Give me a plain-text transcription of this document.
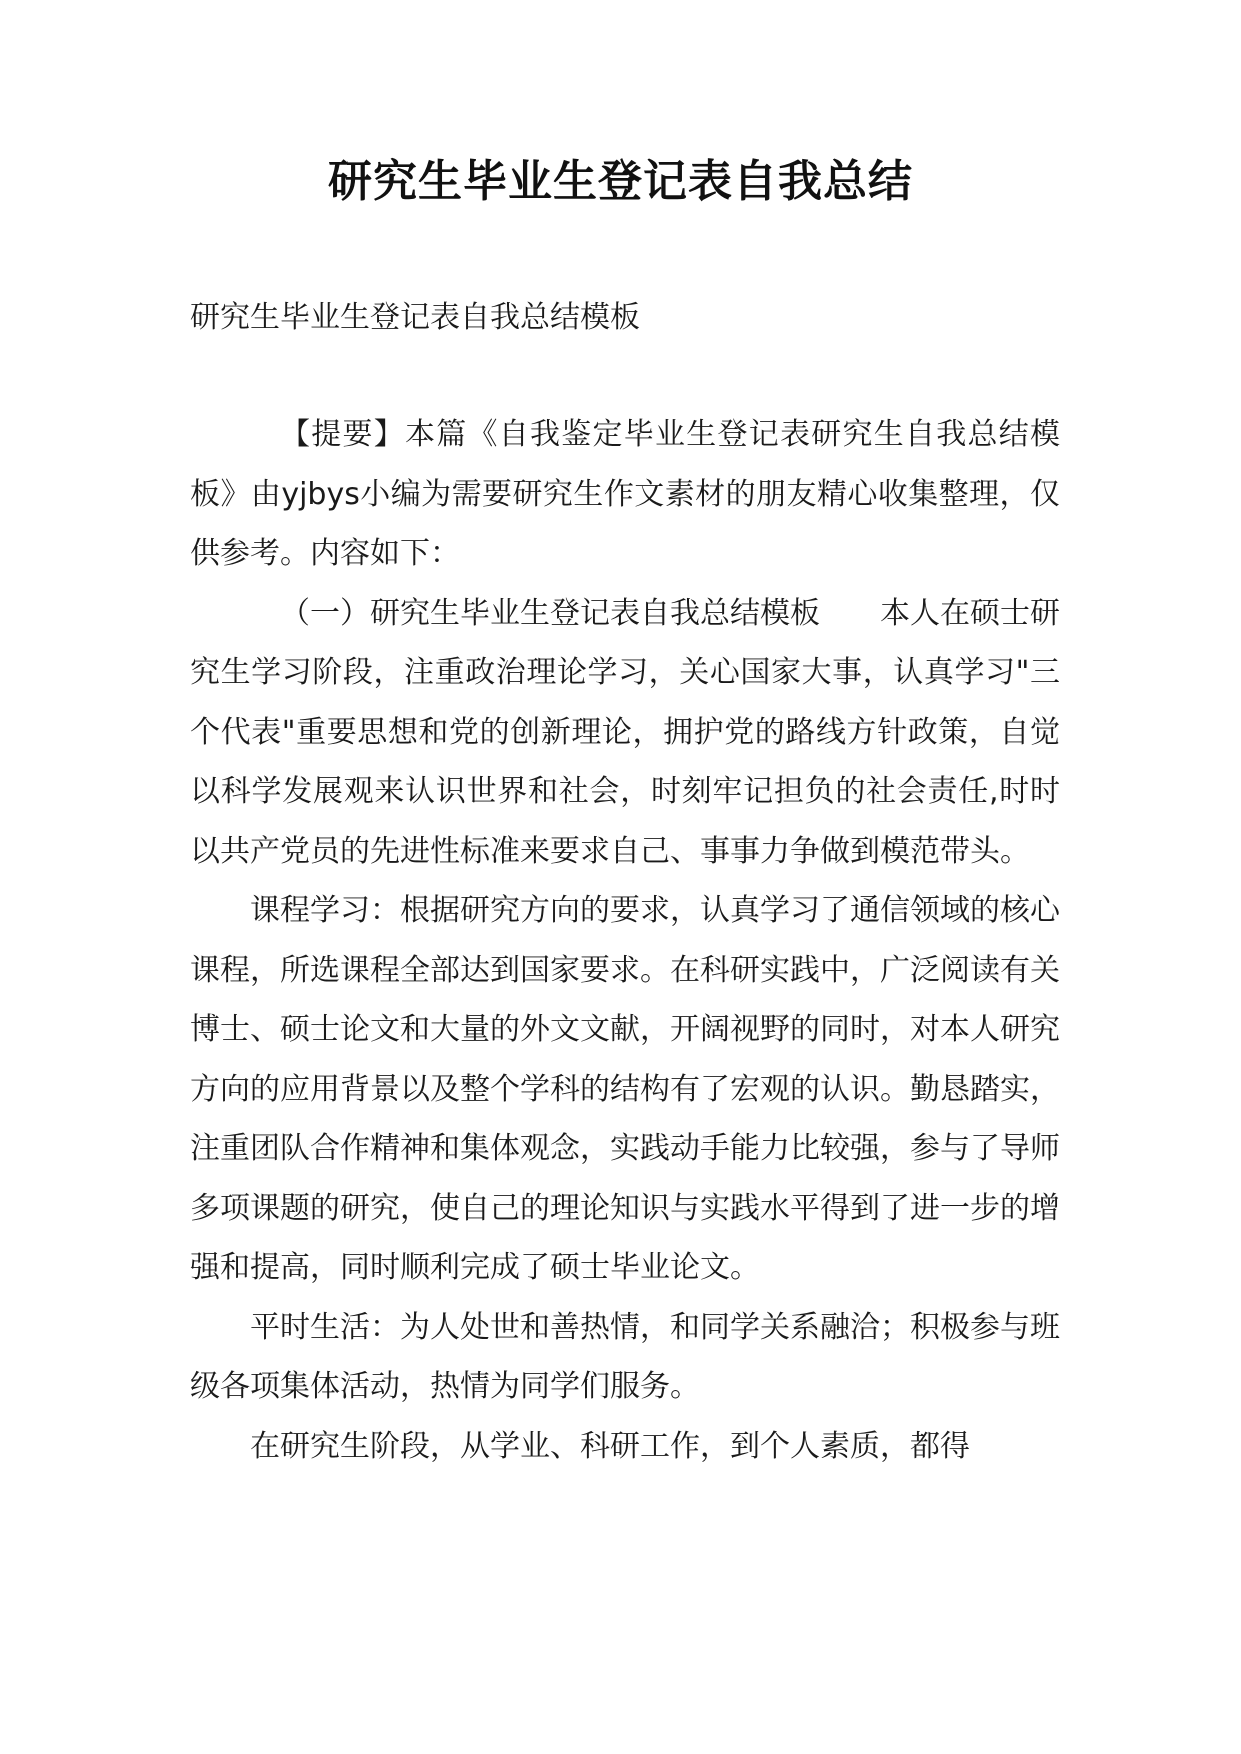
研究生毕业生登记表自我总结
研究生毕业生登记表自我总结模板

【提要】本篇《自我鉴定毕业生登记表研究生自我总结模板》由yjbys小编为需要研究生作文素材的朋友精心收集整理，仅供参考。内容如下：

（一）研究生毕业生登记表自我总结模板　　本人在硕士研究生学习阶段，注重政治理论学习，关心国家大事，认真学习"三个代表"重要思想和党的创新理论，拥护党的路线方针政策，自觉以科学发展观来认识世界和社会，时刻牢记担负的社会责任,时时以共产党员的先进性标准来要求自己、事事力争做到模范带头。

课程学习：根据研究方向的要求，认真学习了通信领域的核心课程，所选课程全部达到国家要求。在科研实践中，广泛阅读有关博士、硕士论文和大量的外文文献，开阔视野的同时，对本人研究方向的应用背景以及整个学科的结构有了宏观的认识。勤恳踏实，注重团队合作精神和集体观念，实践动手能力比较强，参与了导师多项课题的研究，使自己的理论知识与实践水平得到了进一步的增强和提高，同时顺利完成了硕士毕业论文。

平时生活：为人处世和善热情，和同学关系融洽；积极参与班级各项集体活动，热情为同学们服务。

在研究生阶段，从学业、科研工作，到个人素质，都得
